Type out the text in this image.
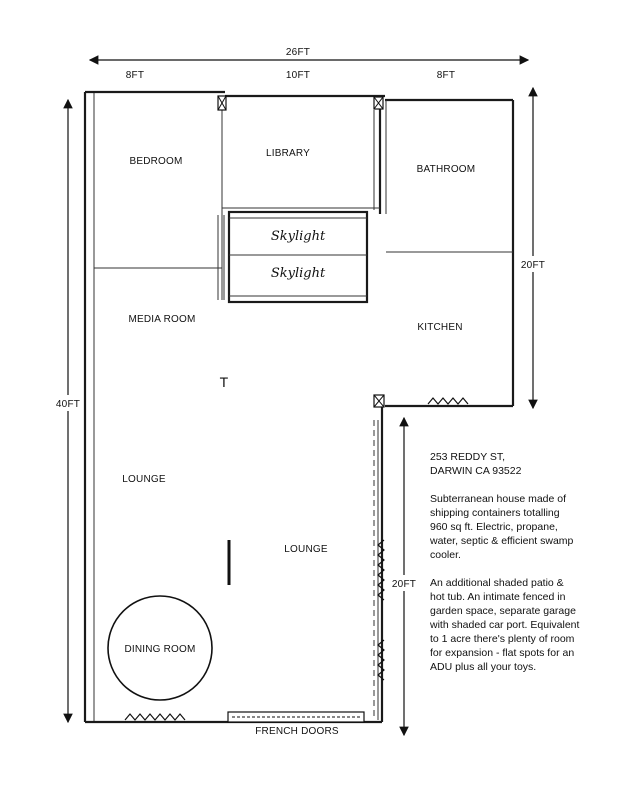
26FT
8FT	10FT	8FT
40FT
20FT
20FT
BEDROOM
LIBRARY
BATHROOM
Skylight
Skylight
MEDIA ROOM
KITCHEN
T
LOUNGE
LOUNGE
DINING ROOM
FRENCH DOORS

253 REDDY ST,
DARWIN CA 93522

Subterranean house made of shipping containers totalling 960 sq ft. Electric, propane, water, septic & efficient swamp cooler.

An additional shaded patio & hot tub. An intimate fenced in garden space, separate garage with shaded car port. Equivalent to 1 acre there's plenty of room for expansion - flat spots for an ADU plus all your toys.
